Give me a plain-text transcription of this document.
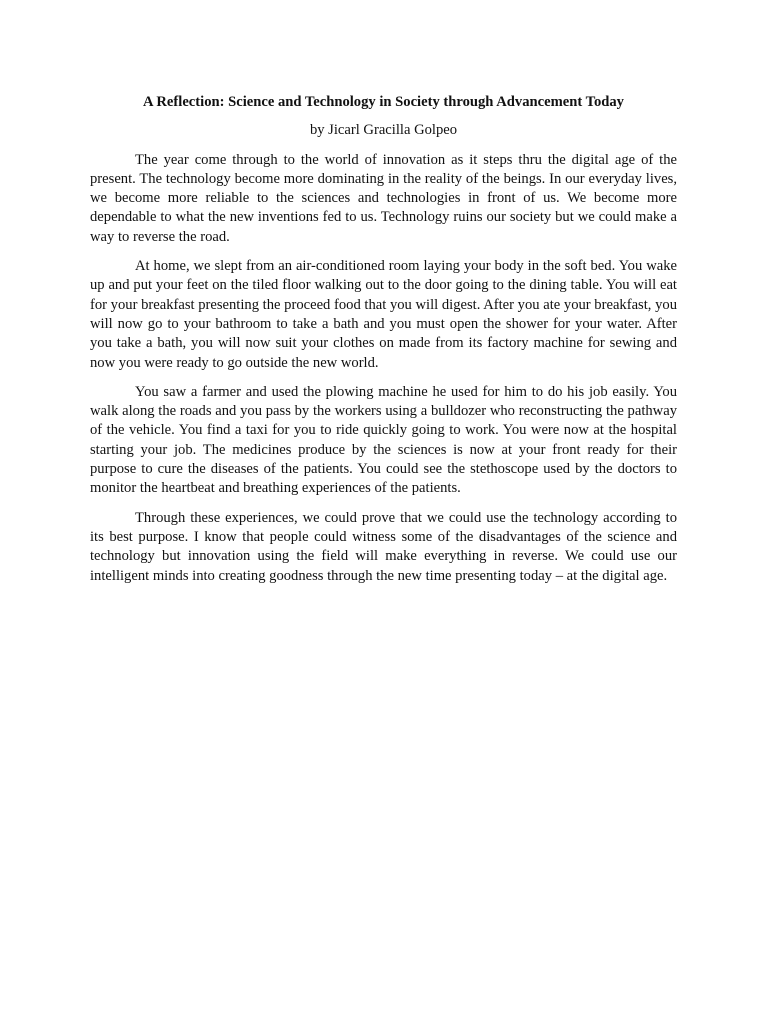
A Reflection: Science and Technology in Society through Advancement Today

by Jicarl Gracilla Golpeo

The year come through to the world of innovation as it steps thru the digital age of the present. The technology become more dominating in the reality of the beings. In our everyday lives, we become more reliable to the sciences and technologies in front of us. We become more dependable to what the new inventions fed to us. Technology ruins our society but we could make a way to reverse the road.

At home, we slept from an air-conditioned room laying your body in the soft bed. You wake up and put your feet on the tiled floor walking out to the door going to the dining table. You will eat for your breakfast presenting the proceed food that you will digest. After you ate your breakfast, you will now go to your bathroom to take a bath and you must open the shower for your water. After you take a bath, you will now suit your clothes on made from its factory machine for sewing and now you were ready to go outside the new world.

You saw a farmer and used the plowing machine he used for him to do his job easily. You walk along the roads and you pass by the workers using a bulldozer who reconstructing the pathway of the vehicle. You find a taxi for you to ride quickly going to work. You were now at the hospital starting your job. The medicines produce by the sciences is now at your front ready for their purpose to cure the diseases of the patients. You could see the stethoscope used by the doctors to monitor the heartbeat and breathing experiences of the patients.

Through these experiences, we could prove that we could use the technology according to its best purpose. I know that people could witness some of the disadvantages of the science and technology but innovation using the field will make everything in reverse. We could use our intelligent minds into creating goodness through the new time presenting today – at the digital age.
